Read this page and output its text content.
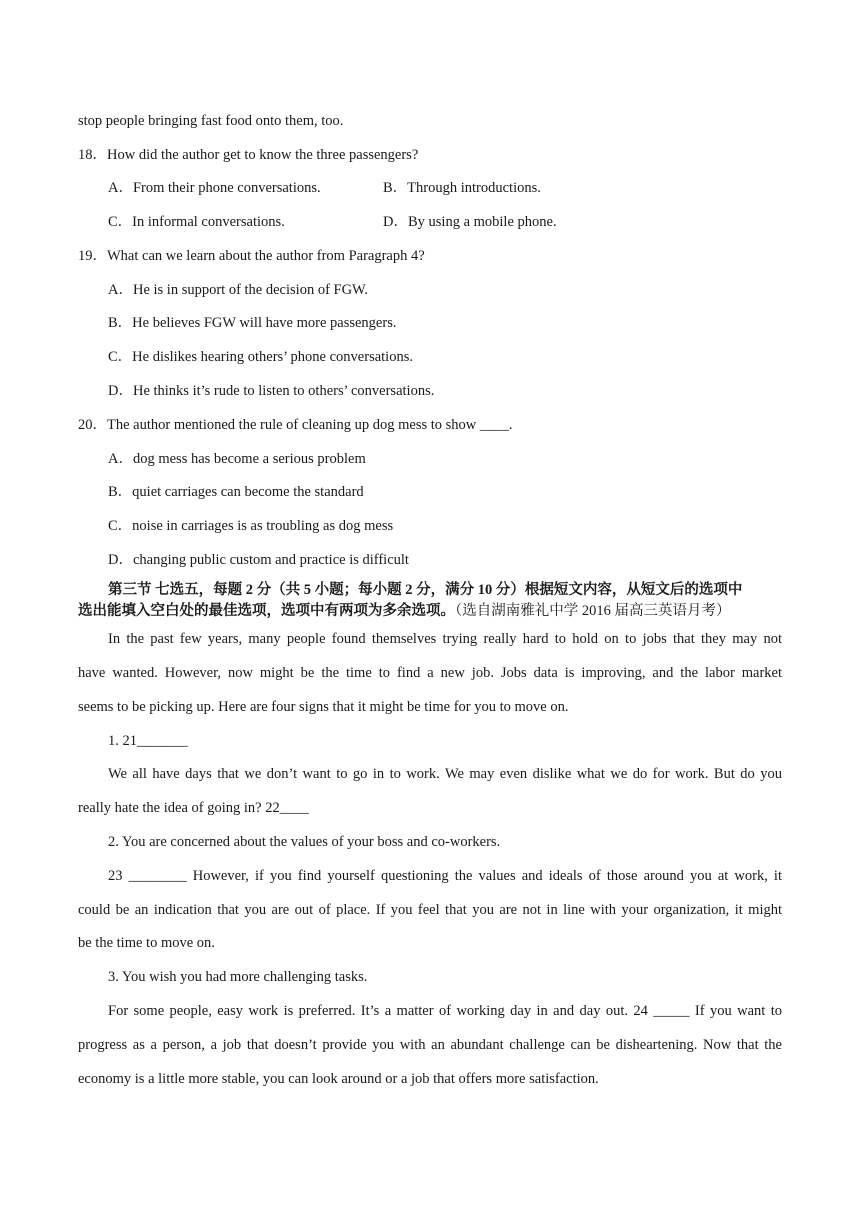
stop people bringing fast food onto them, too.
18．How did the author get to know the three passengers?
A．From their phone conversations.	B．Through introductions.
C．In informal conversations.	D．By using a mobile phone.
19．What can we learn about the author from Paragraph 4?
A．He is in support of the decision of FGW.
B．He believes FGW will have more passengers.
C．He dislikes hearing others’ phone conversations.
D．He thinks it’s rude to listen to others’ conversations.
20．The author mentioned the rule of cleaning up dog mess to show ____.
A．dog mess has become a serious problem
B．quiet carriages can become the standard
C．noise in carriages is as troubling as dog mess
D．changing public custom and practice is difficult
第三节 七选五，每题 2 分（共 5 小题；每小题 2 分，满分 10 分）根据短文内容，从短文后的选项中
选出能填入空白处的最佳选项，选项中有两项为多余选项。（选自湖南雅礼中学 2016 届高三英语月考）
In the past few years, many people found themselves trying really hard to hold on to jobs that they may not
have wanted. However, now might be the time to find a new job. Jobs data is improving, and the labor market
seems to be picking up. Here are four signs that it might be time for you to move on.
1. 21_______
We all have days that we don’t want to go in to work. We may even dislike what we do for work. But do you
really hate the idea of going in? 22____
2. You are concerned about the values of your boss and co-workers.
23 ________ However, if you find yourself questioning the values and ideals of those around you at work, it
could be an indication that you are out of place. If you feel that you are not in line with your organization, it might
be the time to move on.
3. You wish you had more challenging tasks.
For some people, easy work is preferred. It’s a matter of working day in and day out. 24 _____ If you want to
progress as a person, a job that doesn’t provide you with an abundant challenge can be disheartening. Now that the
economy is a little more stable, you can look around or a job that offers more satisfaction.
